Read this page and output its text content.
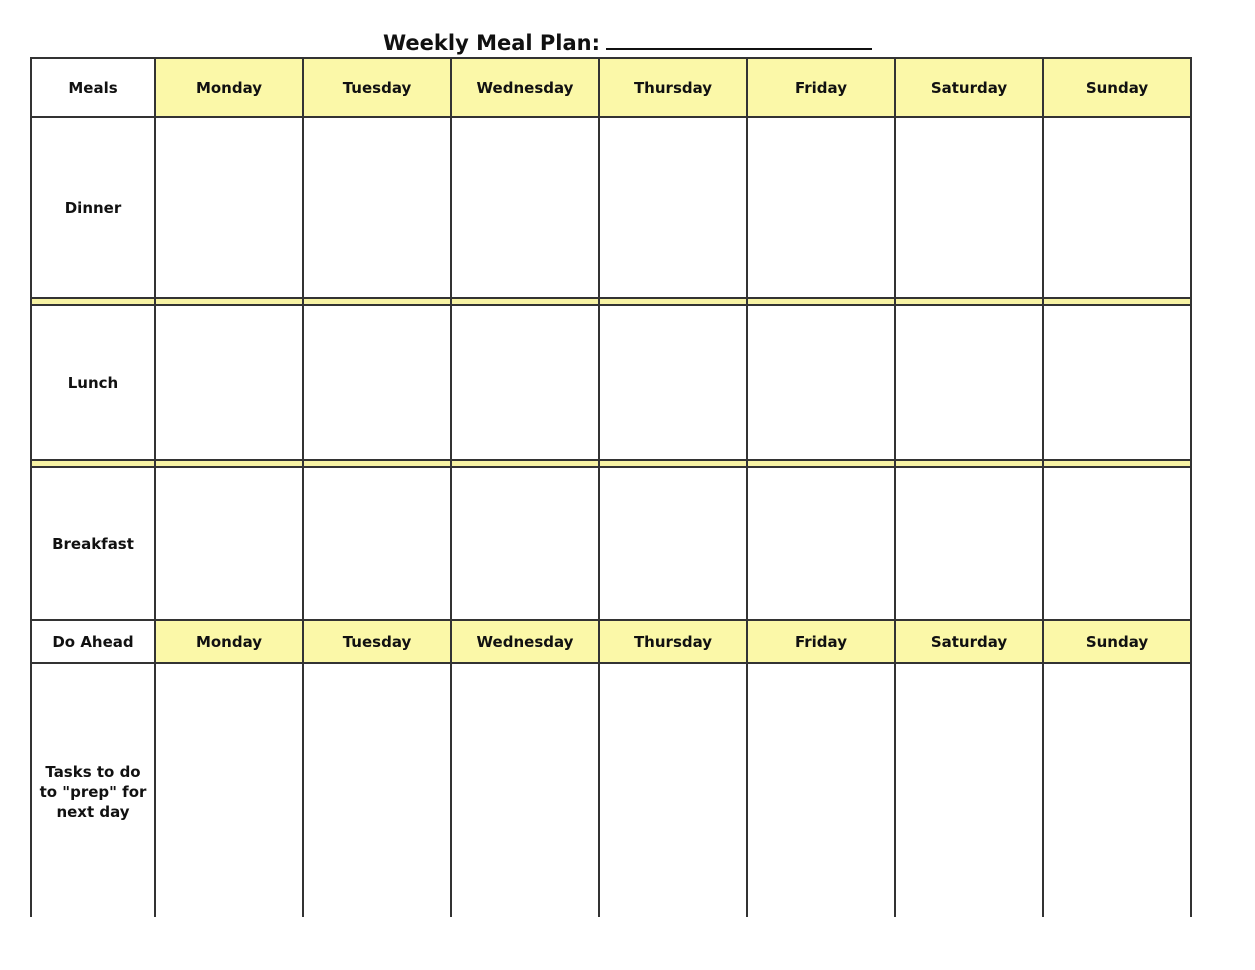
Weekly Meal Plan:
Meals	Monday	Tuesday	Wednesday	Thursday	Friday	Saturday	Sunday
Dinner
Lunch
Breakfast
Do Ahead	Monday	Tuesday	Wednesday	Thursday	Friday	Saturday	Sunday
Tasks to do to "prep" for next day
